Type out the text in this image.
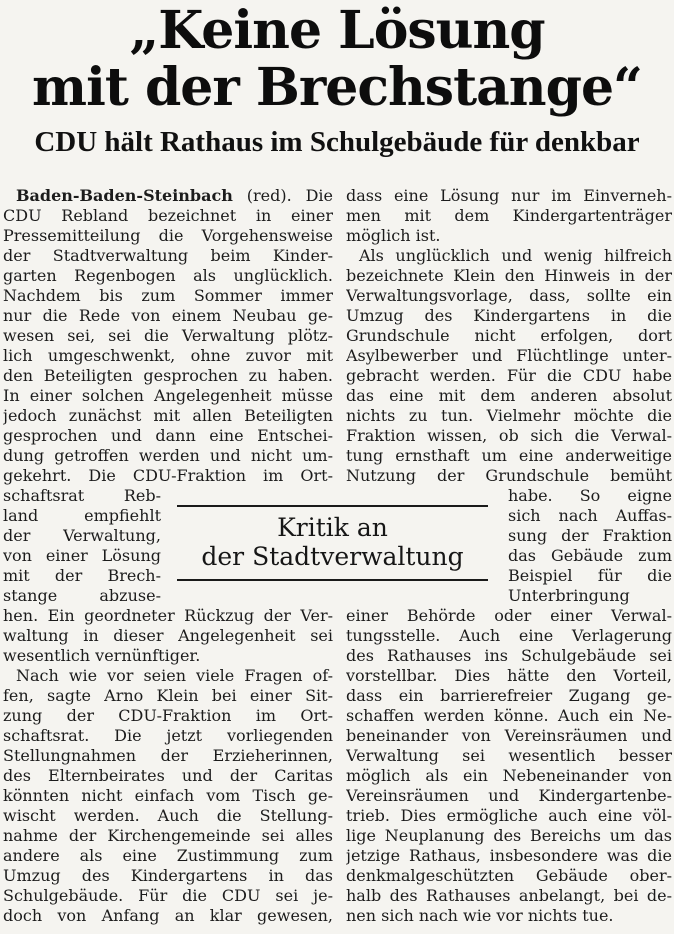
„Keine Lösung
mit der Brechstange“
CDU hält Rathaus im Schulgebäude für denkbar
Baden-Baden-Steinbach (red). Die
CDU Rebland bezeichnet in einer
Pressemitteilung die Vorgehensweise
der Stadtverwaltung beim Kinder-
garten Regenbogen als unglücklich.
Nachdem bis zum Sommer immer
nur die Rede von einem Neubau ge-
wesen sei, sei die Verwaltung plötz-
lich umgeschwenkt, ohne zuvor mit
den Beteiligten gesprochen zu haben.
In einer solchen Angelegenheit müsse
jedoch zunächst mit allen Beteiligten
gesprochen und dann eine Entschei-
dung getroffen werden und nicht um-
gekehrt. Die CDU-Fraktion im Ort-
schaftsrat Reb-
land empfiehlt
der Verwaltung,
von einer Lösung
mit der Brech-
stange abzuse-
hen. Ein geordneter Rückzug der Ver-
waltung in dieser Angelegenheit sei
wesentlich vernünftiger.
Nach wie vor seien viele Fragen of-
fen, sagte Arno Klein bei einer Sit-
zung der CDU-Fraktion im Ort-
schaftsrat. Die jetzt vorliegenden
Stellungnahmen der Erzieherinnen,
des Elternbeirates und der Caritas
könnten nicht einfach vom Tisch ge-
wischt werden. Auch die Stellung-
nahme der Kirchengemeinde sei alles
andere als eine Zustimmung zum
Umzug des Kindergartens in das
Schulgebäude. Für die CDU sei je-
doch von Anfang an klar gewesen,
dass eine Lösung nur im Einverneh-
men mit dem Kindergartenträger
möglich ist.
Als unglücklich und wenig hilfreich
bezeichnete Klein den Hinweis in der
Verwaltungsvorlage, dass, sollte ein
Umzug des Kindergartens in die
Grundschule nicht erfolgen, dort
Asylbewerber und Flüchtlinge unter-
gebracht werden. Für die CDU habe
das eine mit dem anderen absolut
nichts zu tun. Vielmehr möchte die
Fraktion wissen, ob sich die Verwal-
tung ernsthaft um eine anderweitige
Nutzung der Grundschule bemüht
habe. So eigne
sich nach Auffas-
sung der Fraktion
das Gebäude zum
Beispiel für die
Unterbringung
einer Behörde oder einer Verwal-
tungsstelle. Auch eine Verlagerung
des Rathauses ins Schulgebäude sei
vorstellbar. Dies hätte den Vorteil,
dass ein barrierefreier Zugang ge-
schaffen werden könne. Auch ein Ne-
beneinander von Vereinsräumen und
Verwaltung sei wesentlich besser
möglich als ein Nebeneinander von
Vereinsräumen und Kindergartenbe-
trieb. Dies ermögliche auch eine völ-
lige Neuplanung des Bereichs um das
jetzige Rathaus, insbesondere was die
denkmalgeschützten Gebäude ober-
halb des Rathauses anbelangt, bei de-
nen sich nach wie vor nichts tue.
Kritik an
der Stadtverwaltung
